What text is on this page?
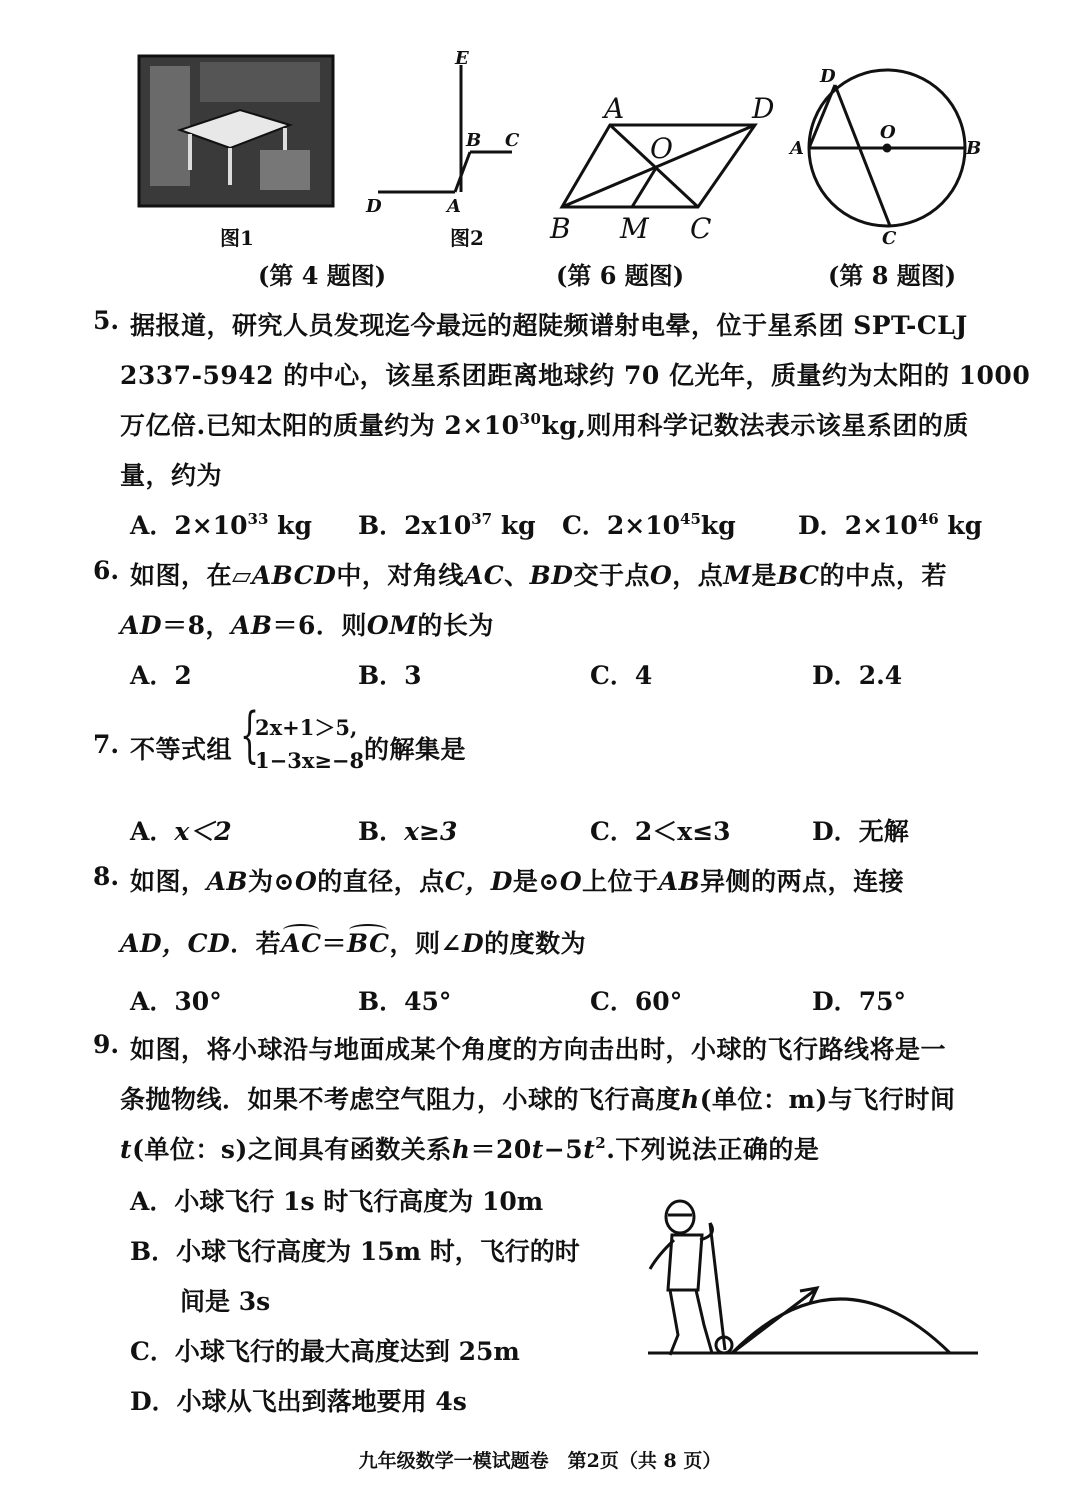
E
B C
D	A
图1	图2
A	D
O
B M C
D
O
A	B
C
(第 4 题图)	(第 6 题图)	(第 8 题图)
5. 据报道，研究人员发现迄今最远的超陡频谱射电晕，位于星系团 SPT-CLJ
2337-5942 的中心，该星系团距离地球约 70 亿光年，质量约为太阳的 1000
万亿倍.已知太阳的质量约为 $2\times 10^{30}kg$,则用科学记数法表示该星系团的质
量，约为
A．$2\times 10^{33}$ kg B．$2x10^{37}$ kg C．$2\times 10^{45}kg$ D．$2\times 10^{46}$ kg
6. 如图，在▱ABCD中，对角线AC、BD交于点O，点M是BC的中点，若
AD＝8，AB＝6．则OM的长为
A．2	B．3	C．4	D．2.4
7. 不等式组 {
2x+1＞5,
1−3x≥−8 的解集是
A．x＜2	B．x≥3	C．2＜x≤3	D．无解
8. 如图，AB为⊙O的直径，点C，D是⊙O上位于AB异侧的两点，连接
AD，CD．若AC＝BC，则∠D的度数为
A．30°	B．45°	C．60°	D．75°
9. 如图，将小球沿与地面成某个角度的方向击出时，小球的飞行路线将是一
条抛物线．如果不考虑空气阻力，小球的飞行高度h(单位：m)与飞行时间
t(单位：s)之间具有函数关系$h=20t-5t^2$.下列说法正确的是
A．小球飞行 1s 时飞行高度为 10m
B．小球飞行高度为 15m 时，飞行的时
间是 3s
C．小球飞行的最大高度达到 25m
D．小球从飞出到落地要用 4s
九年级数学一模试题卷　第2页（共 8 页）
